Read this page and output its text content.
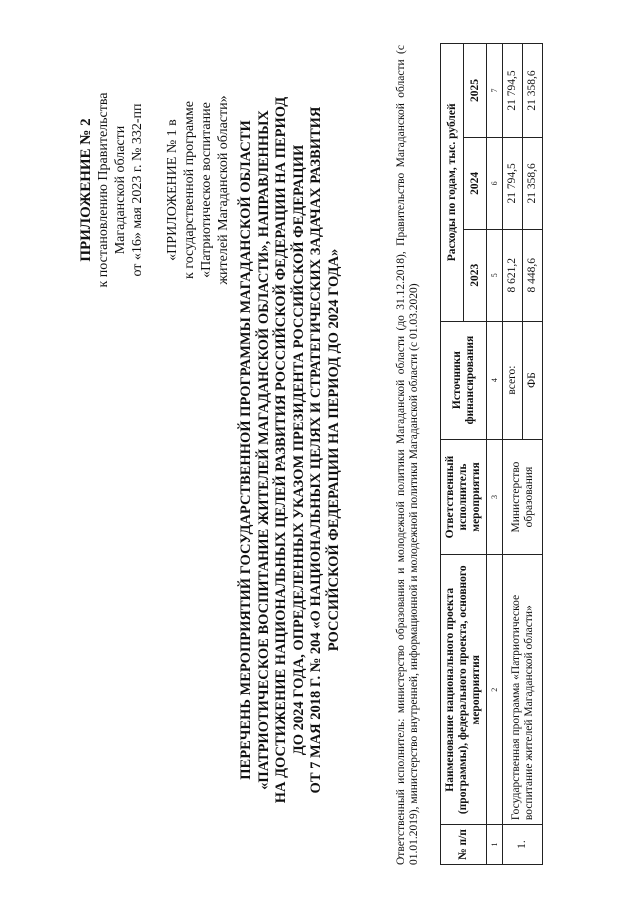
ПРИЛОЖЕНИЕ № 2 к постановлению Правительства Магаданской области от «16» мая 2023 г. № 332-пп «ПРИЛОЖЕНИЕ № 1 в к государственной программе «Патриотическое воспитание жителей Магаданской области» ПЕРЕЧЕНЬ МЕРОПРИЯТИЙ ГОСУДАРСТВЕННОЙ ПРОГРАММЫ МАГАДАНСКОЙ ОБЛАСТИ «ПАТРИОТИЧЕСКОЕ ВОСПИТАНИЕ ЖИТЕЛЕЙ МАГАДАНСКОЙ ОБЛАСТИ», НАПРАВЛЕННЫХ НА ДОСТИЖЕНИЕ НАЦИОНАЛЬНЫХ ЦЕЛЕЙ РАЗВИТИЯ РОССИЙСКОЙ ФЕДЕРАЦИИ НА ПЕРИОД ДО 2024 ГОДА, ОПРЕДЕЛЕННЫХ УКАЗОМ ПРЕЗИДЕНТА РОССИЙСКОЙ ФЕДЕРАЦИИ ОТ 7 МАЯ 2018 Г. № 204 «О НАЦИОНАЛЬНЫХ ЦЕЛЯХ И СТРАТЕГИЧЕСКИХ ЗАДАЧАХ РАЗВИТИЯ РОССИЙСКОЙ ФЕДЕРАЦИИ НА ПЕРИОД ДО 2024 ГОДА»	Ответственный исполнитель: министерство образования и молодежной политики Магаданской области (до 31.12.2018), Правительство Магаданской области (с 01.01.2019), министерство внутренней, информационной и молодежной политики Магаданской области (с 01.03.2020)	№ п/п	Наименование национального проекта (программы), федерального проекта, основного мероприятия	Ответственный исполнитель мероприятия	Источники финансирования	Расходы по годам, тыс. рублей		
				2023	2024	2025
1	2	3	4	5	6	7
1.	Государственная программа «Патриотическое воспитание жителей Магаданской области»	Министерство образования	всего:	8 621,2	21 794,5	21 794,5
			ФБ	8 448,6	21 358,6	21 358,6
